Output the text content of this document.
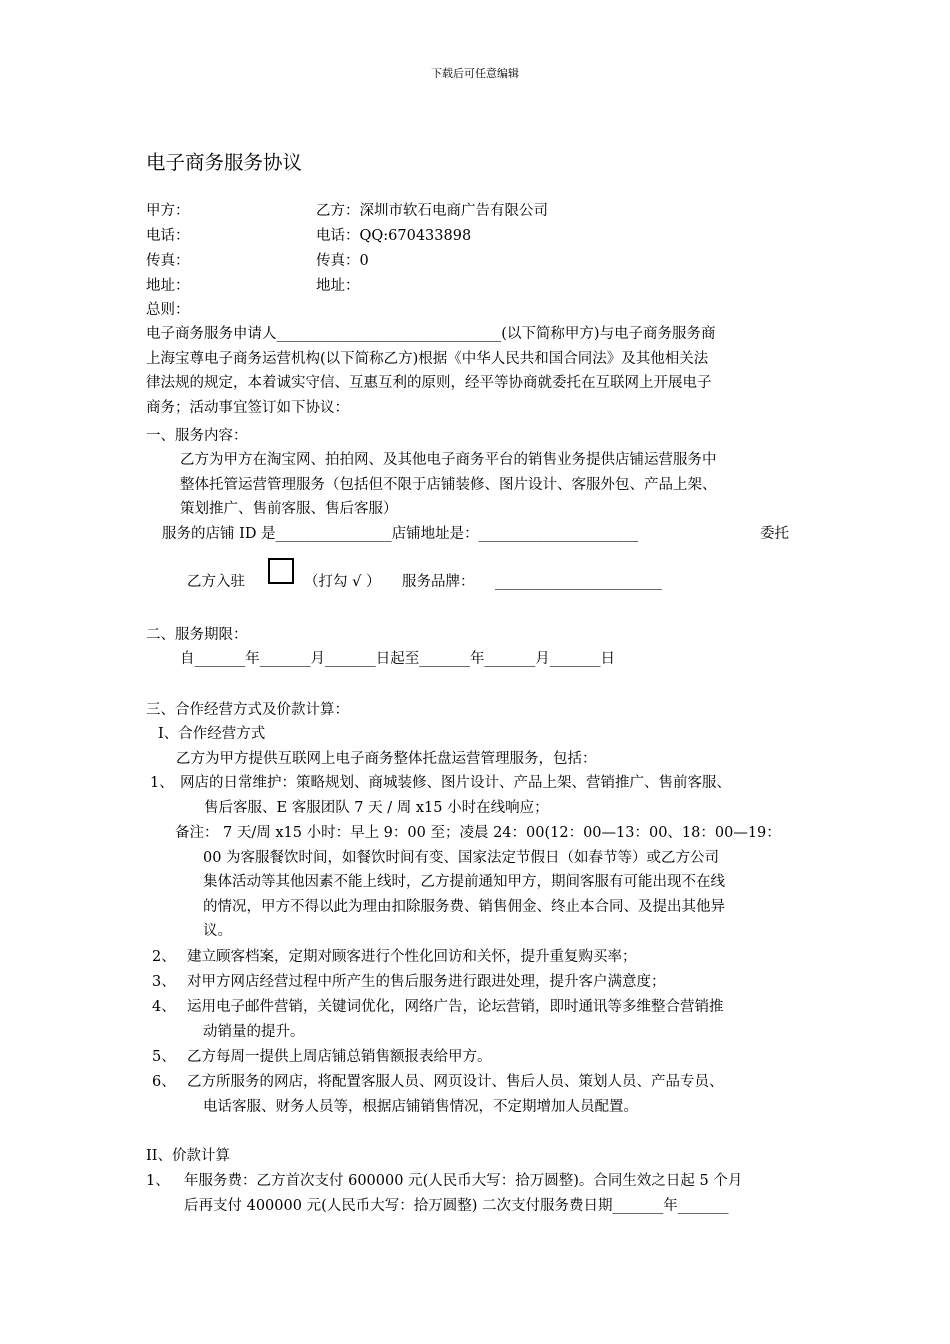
下载后可任意编辑
电子商务服务协议
甲方：
电话：
传真：
地址：
乙方：深圳市软石电商广告有限公司
电话：QQ:670433898
传真：0
地址：
总则：
电子商务服务申请人_______________________________(以下简称甲方)与电子商务服务商
上海宝尊电子商务运营机构(以下简称乙方)根据《中华人民共和国合同法》及其他相关法
律法规的规定，本着诚实守信、互惠互利的原则，经平等协商就委托在互联网上开展电子
商务；活动事宜签订如下协议：
一、服务内容：
乙方为甲方在淘宝网、拍拍网、及其他电子商务平台的销售业务提供店铺运营服务中
整体托管运营管理服务（包括但不限于店铺装修、图片设计、客服外包、产品上架、
策划推广、售前客服、售后客服）
服务的店铺 ID 是________________店铺地址是：______________________	委托
乙方入驻	（打勾 √ ） 服务品牌： _______________________
二、服务期限：
自_______年_______月_______日起至_______年_______月_______日
三、合作经营方式及价款计算：
I、合作经营方式
乙方为甲方提供互联网上电子商务整体托盘运营管理服务，包括：
1、 网店的日常维护：策略规划、商城装修、图片设计、产品上架、营销推广、售前客服、
售后客服、E 客服团队 7 天 / 周 x15 小时在线响应；
备注： 7 天/周 x15 小时：早上 9：00 至；凌晨 24：00(12：00—13：00、18：00—19：
00 为客服餐饮时间，如餐饮时间有变、国家法定节假日（如春节等）或乙方公司
集体活动等其他因素不能上线时，乙方提前通知甲方，期间客服有可能出现不在线
的情况，甲方不得以此为理由扣除服务费、销售佣金、终止本合同、及提出其他异
议。
2、 建立顾客档案，定期对顾客进行个性化回访和关怀，提升重复购买率；
3、 对甲方网店经营过程中所产生的售后服务进行跟进处理，提升客户满意度；
4、 运用电子邮件营销，关键词优化，网络广告，论坛营销，即时通讯等多维整合营销推
动销量的提升。
5、 乙方每周一提供上周店铺总销售额报表给甲方。
6、 乙方所服务的网店，将配置客服人员、网页设计、售后人员、策划人员、产品专员、
电话客服、财务人员等，根据店铺销售情况，不定期增加人员配置。
II、价款计算
1、 年服务费：乙方首次支付 600000 元(人民币大写：拾万圆整)。合同生效之日起 5 个月
后再支付 400000 元(人民币大写：拾万圆整) 二次支付服务费日期_______年_______
